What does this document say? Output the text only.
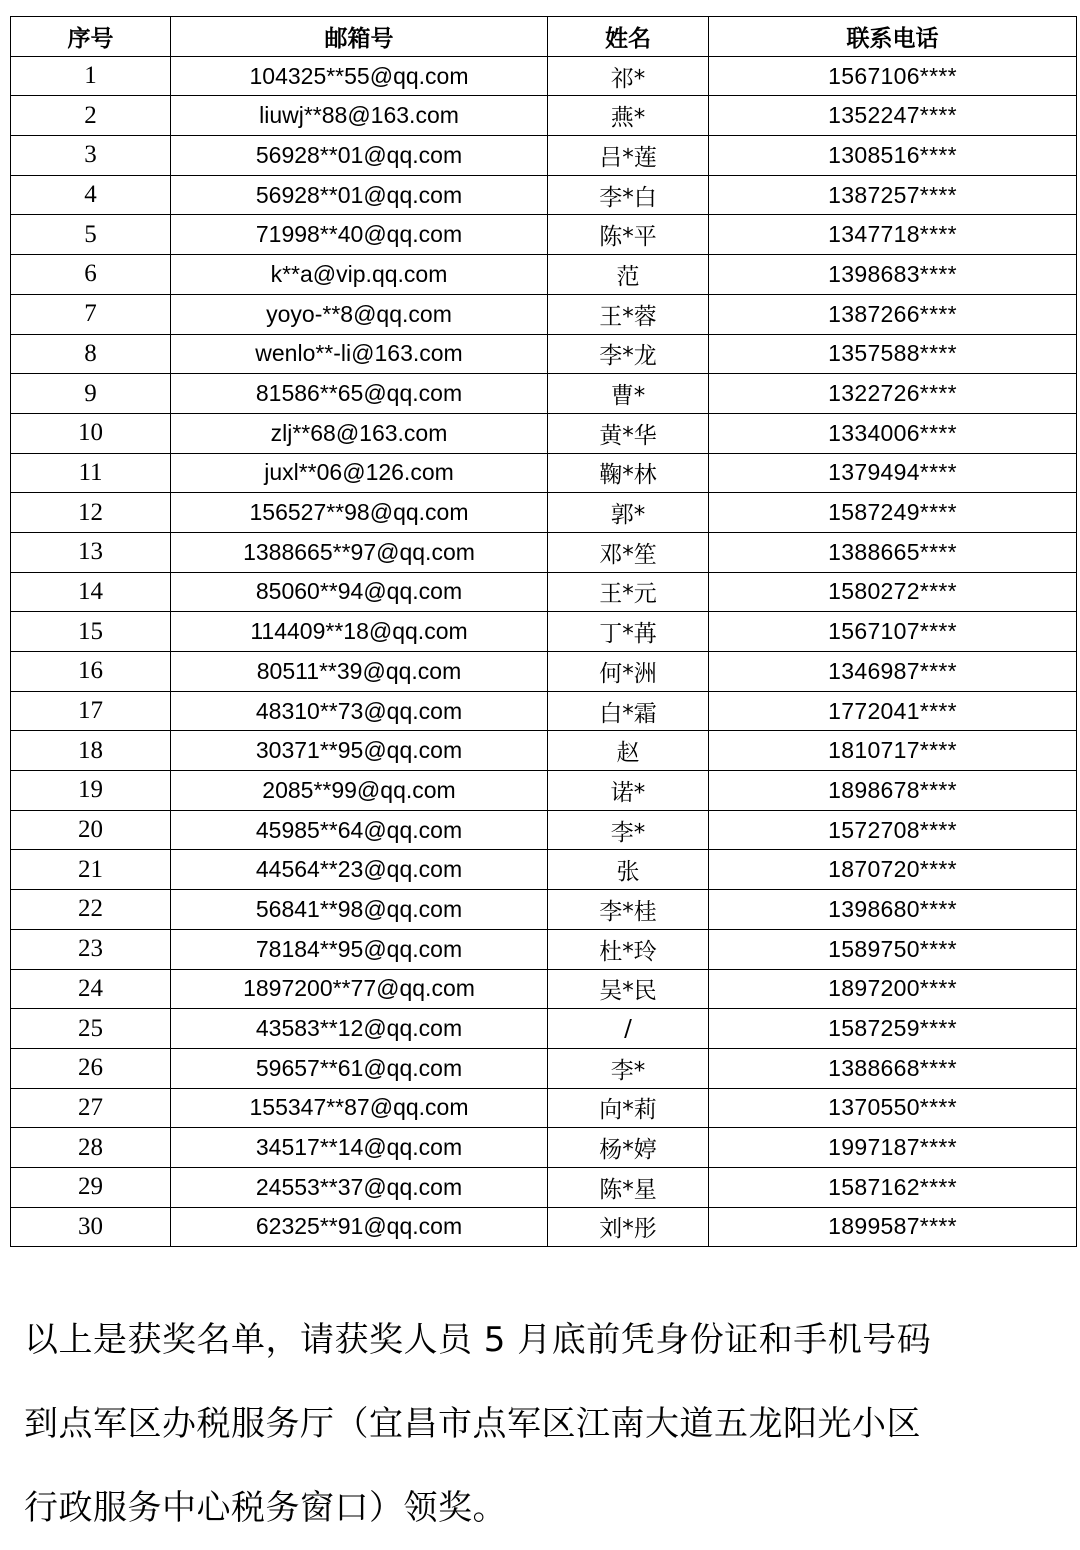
序号	邮箱号	姓名	联系电话
1	104325**55@qq.com	祁*	1567106****
2	liuwj**88@163.com	燕*	1352247****
3	56928**01@qq.com	吕*莲	1308516****
4	56928**01@qq.com	李*白	1387257****
5	71998**40@qq.com	陈*平	1347718****
6	k**a@vip.qq.com	范	1398683****
7	yoyo-**8@qq.com	王*蓉	1387266****
8	wenlo**-li@163.com	李*龙	1357588****
9	81586**65@qq.com	曹*	1322726****
10	zlj**68@163.com	黄*华	1334006****
11	juxl**06@126.com	鞠*林	1379494****
12	156527**98@qq.com	郭*	1587249****
13	1388665**97@qq.com	邓*笙	1388665****
14	85060**94@qq.com	王*元	1580272****
15	114409**18@qq.com	丁*苒	1567107****
16	80511**39@qq.com	何*洲	1346987****
17	48310**73@qq.com	白*霜	1772041****
18	30371**95@qq.com	赵	1810717****
19	2085**99@qq.com	诺*	1898678****
20	45985**64@qq.com	李*	1572708****
21	44564**23@qq.com	张	1870720****
22	56841**98@qq.com	李*桂	1398680****
23	78184**95@qq.com	杜*玲	1589750****
24	1897200**77@qq.com	吴*民	1897200****
25	43583**12@qq.com	/	1587259****
26	59657**61@qq.com	李*	1388668****
27	155347**87@qq.com	向*莉	1370550****
28	34517**14@qq.com	杨*婷	1997187****
29	24553**37@qq.com	陈*星	1587162****
30	62325**91@qq.com	刘*彤	1899587****
以上是获奖名单，请获奖人员 5 月底前凭身份证和手机号码
到点军区办税服务厅（宜昌市点军区江南大道五龙阳光小区
行政服务中心税务窗口）领奖。
